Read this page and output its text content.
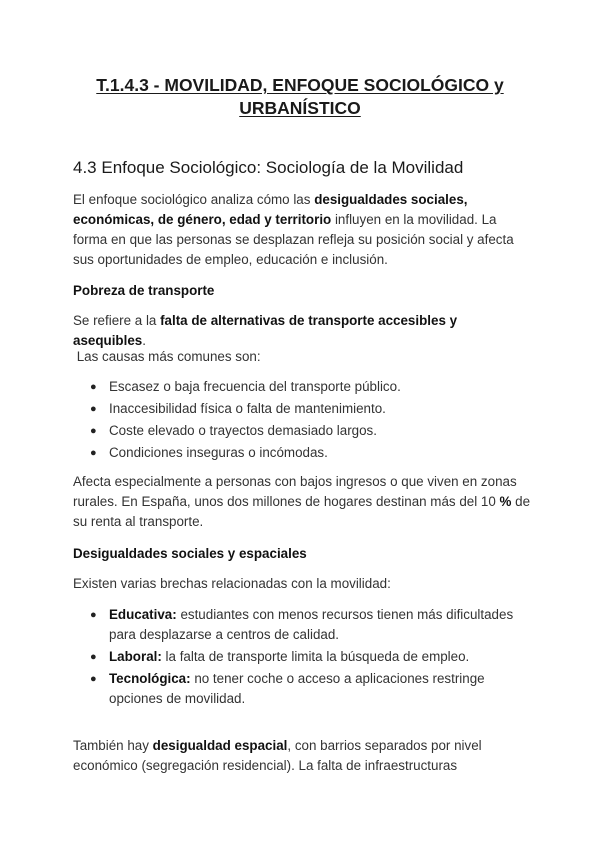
T.1.4.3 - MOVILIDAD, ENFOQUE SOCIOLÓGICO y
URBANÍSTICO
4.3 Enfoque Sociológico: Sociología de la Movilidad
El enfoque sociológico analiza cómo las desigualdades sociales, económicas, de género, edad y territorio influyen en la movilidad. La forma en que las personas se desplazan refleja su posición social y afecta sus oportunidades de empleo, educación e inclusión.
Pobreza de transporte
Se refiere a la falta de alternativas de transporte accesibles y asequibles.
Las causas más comunes son:
● Escasez o baja frecuencia del transporte público.
● Inaccesibilidad física o falta de mantenimiento.
● Coste elevado o trayectos demasiado largos.
● Condiciones inseguras o incómodas.
Afecta especialmente a personas con bajos ingresos o que viven en zonas rurales. En España, unos dos millones de hogares destinan más del 10 % de su renta al transporte.
Desigualdades sociales y espaciales
Existen varias brechas relacionadas con la movilidad:
● Educativa: estudiantes con menos recursos tienen más dificultades para desplazarse a centros de calidad.
● Laboral: la falta de transporte limita la búsqueda de empleo.
● Tecnológica: no tener coche o acceso a aplicaciones restringe opciones de movilidad.
También hay desigualdad espacial, con barrios separados por nivel económico (segregación residencial). La falta de infraestructuras
